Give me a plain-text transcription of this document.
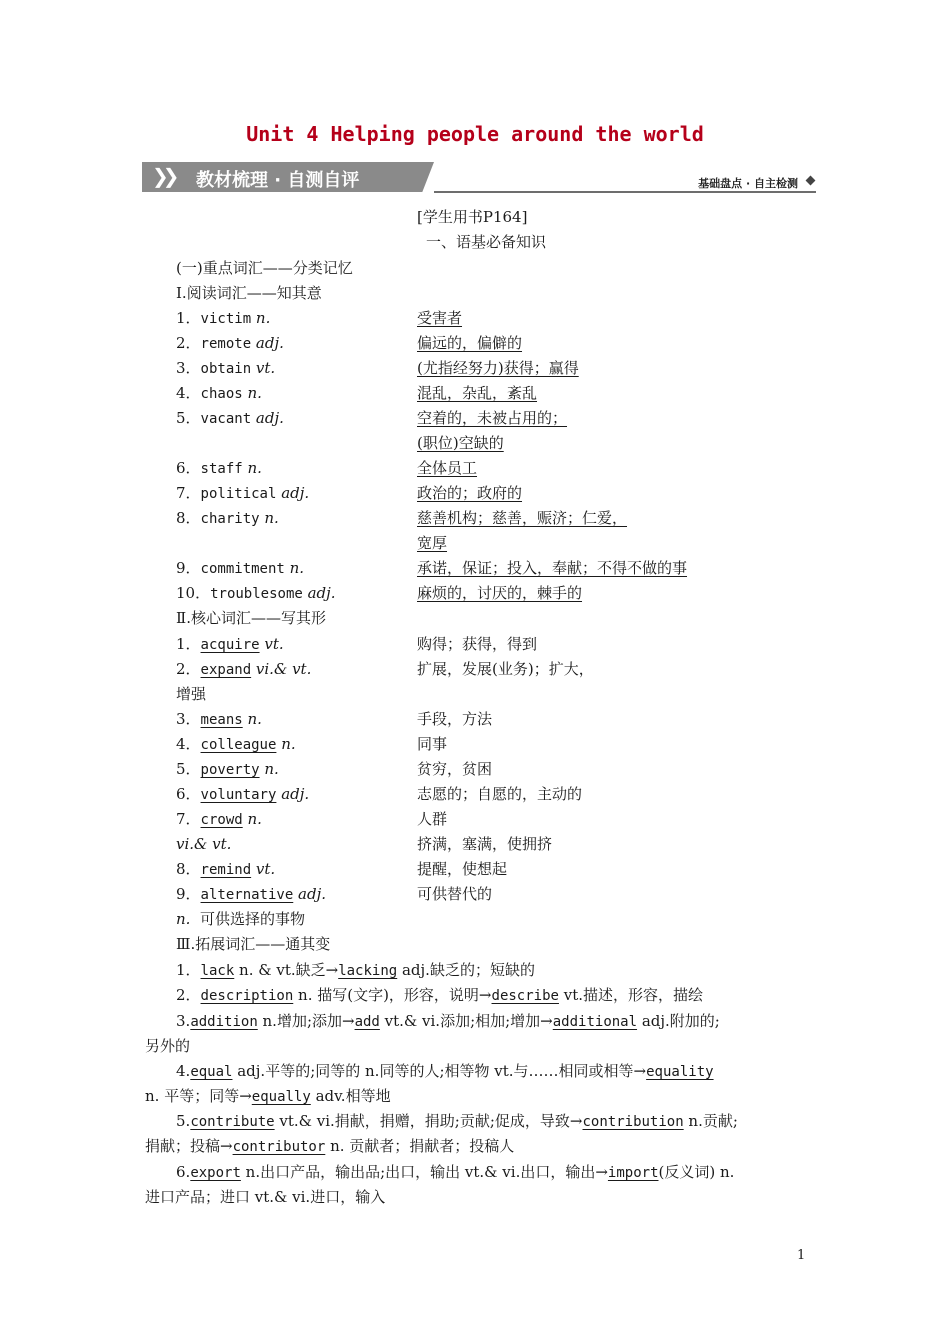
Unit 4 Helping people around the world
❯❯ 教材梳理 · 自测自评	基础盘点 · 自主检测
[学生用书P164]
一、语基必备知识
(一)重点词汇——分类记忆
Ⅰ.阅读词汇——知其意
1．victim n.	受害者
2．remote adj.	偏远的，偏僻的
3．obtain vt.	(尤指经努力)获得；赢得
4．chaos n.	混乱，杂乱，紊乱
5．vacant adj.	空着的，未被占用的；
(职位)空缺的
6．staff n.	全体员工
7．political adj.	政治的；政府的
8．charity n.	慈善机构；慈善，赈济；仁爱，
宽厚
9．commitment n.	承诺，保证；投入，奉献；不得不做的事
10．troublesome adj.	麻烦的，讨厌的，棘手的
Ⅱ.核心词汇——写其形
1．acquire vt.	购得；获得，得到
2．expand vi.& vt.	扩展，发展(业务)；扩大，
增强
3．means n.	手段，方法
4．colleague n.	同事
5．poverty n.	贫穷，贫困
6．voluntary adj.	志愿的；自愿的，主动的
7．crowd n.	人群
vi.& vt.	挤满，塞满，使拥挤
8．remind vt.	提醒，使想起
9．alternative adj.	可供替代的
n. 可供选择的事物
Ⅲ.拓展词汇——通其变
1．lack n. & vt.缺乏→lacking adj.缺乏的；短缺的
2．description n. 描写(文字)，形容，说明→describe vt.描述，形容，描绘
3.addition n.增加;添加→add vt.& vi.添加;相加;增加→additional adj.附加的;
另外的
4.equal adj.平等的;同等的 n.同等的人;相等物 vt.与……相同或相等→equality
n. 平等；同等→equally adv.相等地
5.contribute vt.& vi.捐献，捐赠，捐助;贡献;促成，导致→contribution n.贡献;
捐献；投稿→contributor n. 贡献者；捐献者；投稿人
6.export n.出口产品，输出品;出口，输出 vt.& vi.出口，输出→import(反义词) n.
进口产品；进口 vt.& vi.进口，输入
1
